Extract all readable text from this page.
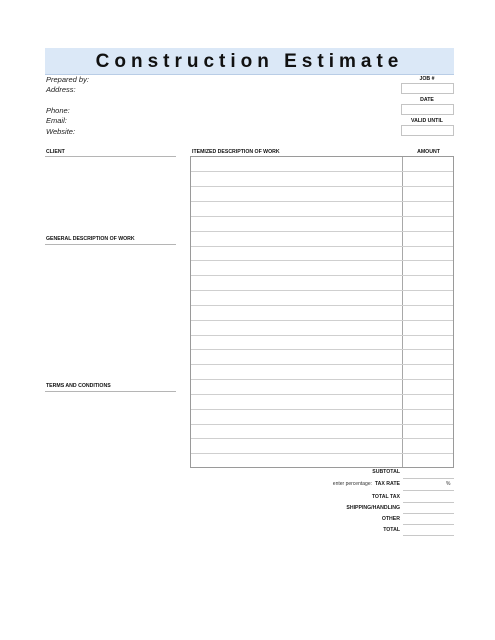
Construction Estimate
Prepared by:
Address:
Phone:
Email:
Website:
JOB #
DATE
VALID UNTIL
CLIENT
GENERAL DESCRIPTION OF WORK
TERMS AND CONDITIONS
ITEMIZED DESCRIPTION OF WORK	AMOUNT
SUBTOTAL
enter percentage: TAX RATE	%
TOTAL TAX
SHIPPING/HANDLING
OTHER
TOTAL
